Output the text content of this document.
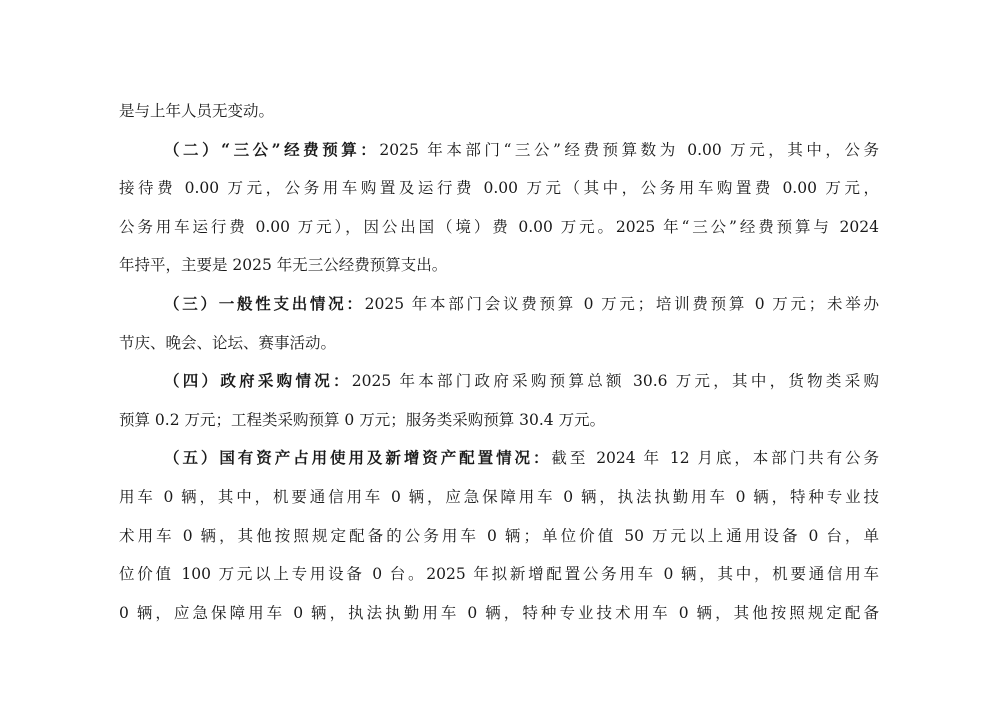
是与上年人员无变动。
（二）“三公”经费预算：2025 年本部门“三公”经费预算数为 0.00 万元，其中，公务
接待费 0.00 万元，公务用车购置及运行费 0.00 万元（其中，公务用车购置费 0.00 万元，
公务用车运行费 0.00 万元），因公出国（境）费 0.00 万元。2025 年“三公”经费预算与 2024
年持平，主要是 2025 年无三公经费预算支出。
（三）一般性支出情况：2025 年本部门会议费预算 0 万元；培训费预算 0 万元；未举办
节庆、晚会、论坛、赛事活动。
（四）政府采购情况：2025 年本部门政府采购预算总额 30.6 万元，其中，货物类采购
预算 0.2 万元；工程类采购预算 0 万元；服务类采购预算 30.4 万元。
（五）国有资产占用使用及新增资产配置情况：截至 2024 年 12 月底，本部门共有公务
用车 0 辆，其中，机要通信用车 0 辆，应急保障用车 0 辆，执法执勤用车 0 辆，特种专业技
术用车 0 辆，其他按照规定配备的公务用车 0 辆；单位价值 50 万元以上通用设备 0 台，单
位价值 100 万元以上专用设备 0 台。2025 年拟新增配置公务用车 0 辆，其中，机要通信用车
0 辆，应急保障用车 0 辆，执法执勤用车 0 辆，特种专业技术用车 0 辆，其他按照规定配备
